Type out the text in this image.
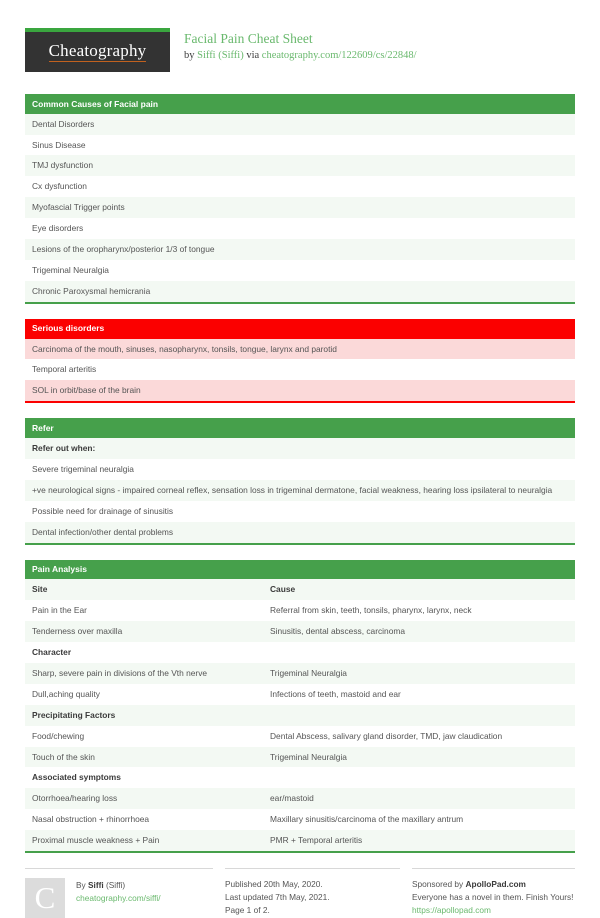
Cheatography
Facial Pain Cheat Sheet
by Siffi (Siffi) via cheatography.com/122609/cs/22848/
Common Causes of Facial pain
Dental Disorders
Sinus Disease
TMJ dysfunction
Cx dysfunction
Myofascial Trigger points
Eye disorders
Lesions of the oropharynx/posterior 1/3 of tongue
Trigeminal Neuralgia
Chronic Paroxysmal hemicrania
Serious disorders
Carcinoma of the mouth, sinuses, nasopharynx, tonsils, tongue, larynx and parotid
Temporal arteritis
SOL in orbit/base of the brain
Refer
Refer out when:
Severe trigeminal neuralgia
+ve neurological signs - impaired corneal reflex, sensation loss in trigeminal dermatone, facial weakness, hearing loss ipsilateral to neuralgia
Possible need for drainage of sinusitis
Dental infection/other dental problems
Pain Analysis
Site	Cause
Pain in the Ear	Referral from skin, teeth, tonsils, pharynx, larynx, neck
Tenderness over maxilla	Sinusitis, dental abscess, carcinoma
Character
Sharp, severe pain in divisions of the Vth nerve	Trigeminal Neuralgia
Dull,aching quality	Infections of teeth, mastoid and ear
Precipitating Factors
Food/chewing	Dental Abscess, salivary gland disorder, TMD, jaw claudication
Touch of the skin	Trigeminal Neuralgia
Associated symptoms
Otorrhoea/hearing loss	ear/mastoid
Nasal obstruction + rhinorrhoea	Maxillary sinusitis/carcinoma of the maxillary antrum
Proximal muscle weakness + Pain	PMR + Temporal arteritis
C	By Siffi (Siffi)
cheatography.com/siffi/
Published 20th May, 2020.
Last updated 7th May, 2021.
Page 1 of 2.
Sponsored by ApolloPad.com
Everyone has a novel in them. Finish Yours!
https://apollopad.com
